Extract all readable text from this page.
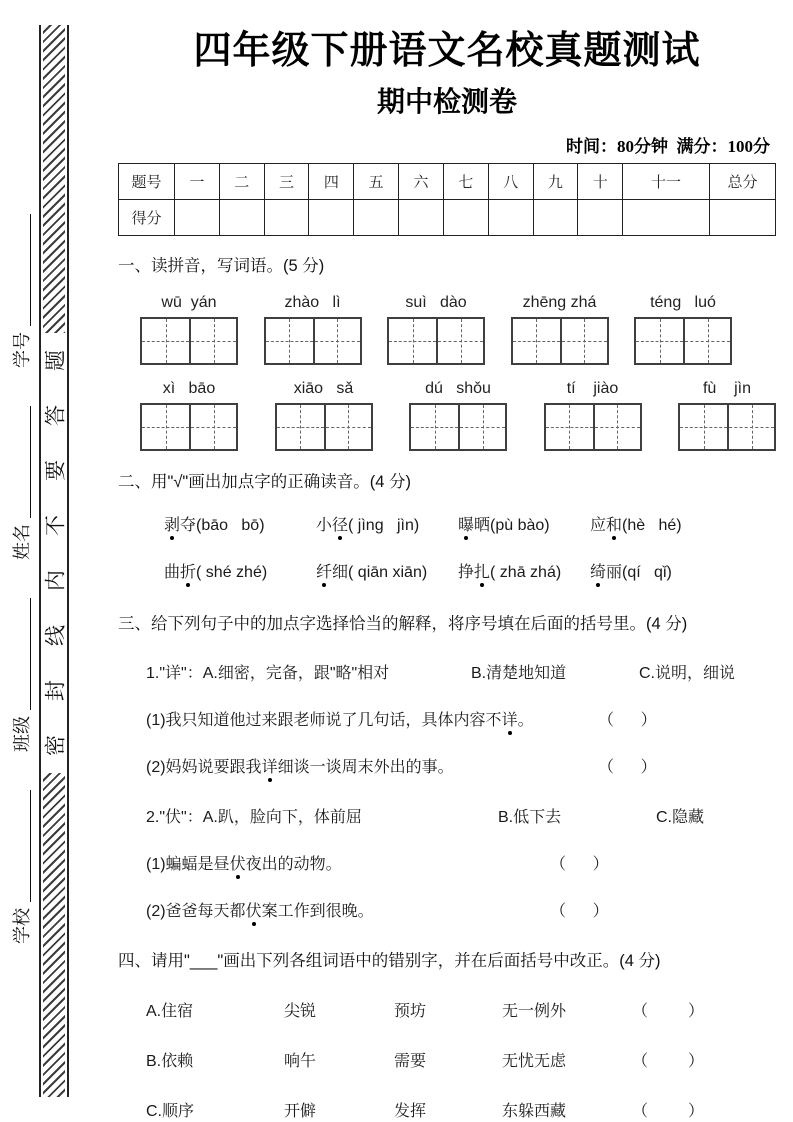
学校
班级
姓名
学号 题
答
要
不
内
线
封
密
四年级下册语文名校真题测试
期中检测卷
时间：80分钟  满分：100分
题号	一	二	三	四	五	六	七	八	九	十	十一	总分
得分												
一、读拼音，写词语。(5 分)
wū  yán	zhào   lì	suì   dào	zhēng zhá	téng   luó
xì   bāo	xiāo   sǎ	dú   shǒu	tí    jiào	fù    jìn
二、用"√"画出加点字的正确读音。(4 分)
剥夺(bāo   bō)	小径( jìng   jìn)	曝晒(pù bào)	应和(hè   hé)
曲折( shé zhé)	纤细( qiān xiān)	挣扎( zhā zhá)	绮丽(qí   qǐ)
三、给下列句子中的加点字选择恰当的解释，将序号填在后面的括号里。(4 分)
1."详"：A.细密，完备，跟"略"相对	B.清楚地知道	C.说明，细说
(1)我只知道他过来跟老师说了几句话，具体内容不详。	（      ）
(2)妈妈说要跟我详细谈一谈周末外出的事。	（      ）
2."伏"：A.趴，脸向下，体前屈	B.低下去	C.隐藏
(1)蝙蝠是昼伏夜出的动物。	（      ）
(2)爸爸每天都伏案工作到很晚。	（      ）
四、请用"___"画出下列各组词语中的错别字，并在后面括号中改正。(4 分)
A.住宿	尖锐	预坊	无一例外	（         ）
B.依赖	响午	需要	无忧无虑	（         ）
C.顺序	开僻	发挥	东躲西藏	（         ）
